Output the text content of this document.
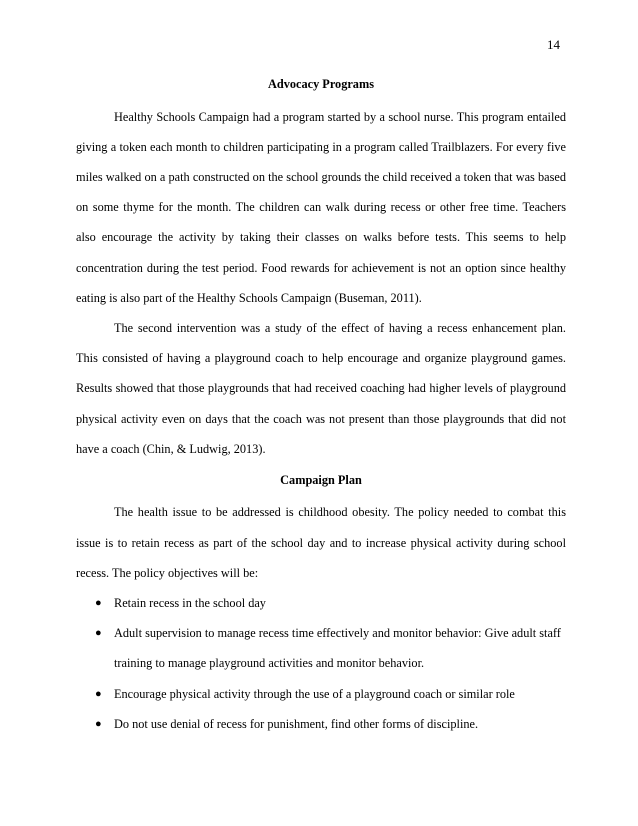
14
Advocacy Programs

Healthy Schools Campaign had a program started by a school nurse. This program entailed giving a token each month to children participating in a program called Trailblazers. For every five miles walked on a path constructed on the school grounds the child received a token that was based on some thyme for the month. The children can walk during recess or other free time. Teachers also encourage the activity by taking their classes on walks before tests. This seems to help concentration during the test period. Food rewards for achievement is not an option since healthy eating is also part of the Healthy Schools Campaign (Buseman, 2011).

The second intervention was a study of the effect of having a recess enhancement plan. This consisted of having a playground coach to help encourage and organize playground games. Results showed that those playgrounds that had received coaching had higher levels of playground physical activity even on days that the coach was not present than those playgrounds that did not have a coach (Chin, & Ludwig, 2013).

Campaign Plan

The health issue to be addressed is childhood obesity. The policy needed to combat this issue is to retain recess as part of the school day and to increase physical activity during school recess. The policy objectives will be:

● Retain recess in the school day
● Adult supervision to manage recess time effectively and monitor behavior: Give adult staff training to manage playground activities and monitor behavior.
● Encourage physical activity through the use of a playground coach or similar role
● Do not use denial of recess for punishment, find other forms of discipline.
